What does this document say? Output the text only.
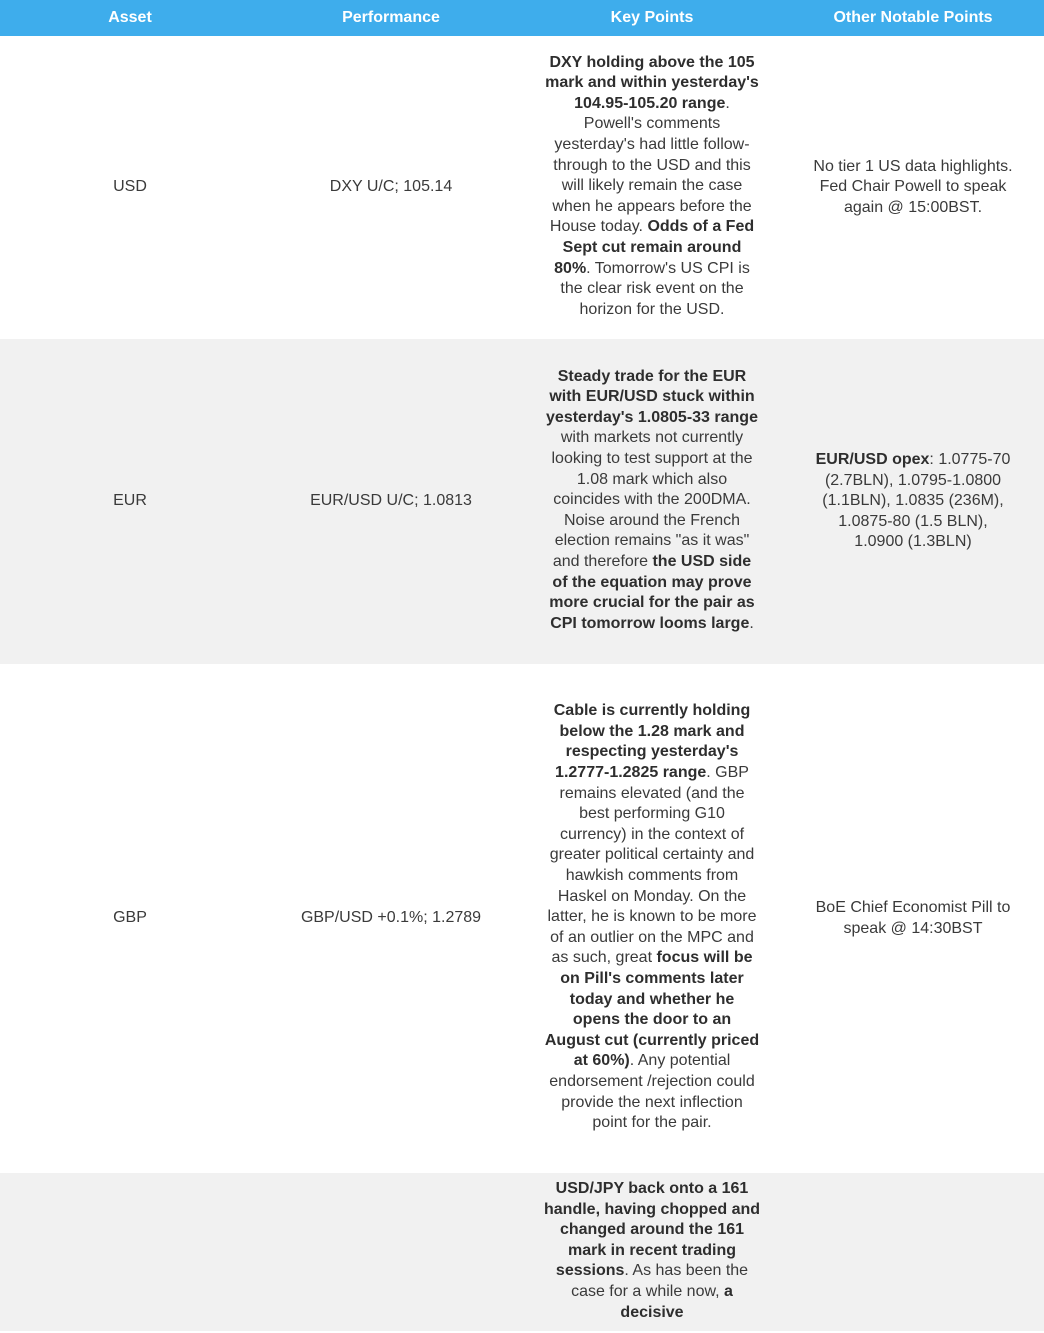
Asset	Performance	Key Points	Other Notable Points
USD	DXY U/C; 105.14	DXY holding above the 105 mark and within yesterday's 104.95-105.20 range. Powell's comments yesterday's had little follow-through to the USD and this will likely remain the case when he appears before the House today. Odds of a Fed Sept cut remain around 80%. Tomorrow's US CPI is the clear risk event on the horizon for the USD.	No tier 1 US data highlights. Fed Chair Powell to speak again @ 15:00BST.

EUR	EUR/USD U/C; 1.0813	Steady trade for the EUR with EUR/USD stuck within yesterday's 1.0805-33 range with markets not currently looking to test support at the 1.08 mark which also coincides with the 200DMA. Noise around the French election remains "as it was" and therefore the USD side of the equation may prove more crucial for the pair as CPI tomorrow looms large.	EUR/USD opex: 1.0775-70 (2.7BLN), 1.0795-1.0800 (1.1BLN), 1.0835 (236M), 1.0875-80 (1.5 BLN), 1.0900 (1.3BLN)

GBP	GBP/USD +0.1%; 1.2789	Cable is currently holding below the 1.28 mark and respecting yesterday's 1.2777-1.2825 range. GBP remains elevated (and the best performing G10 currency) in the context of greater political certainty and hawkish comments from Haskel on Monday. On the latter, he is known to be more of an outlier on the MPC and as such, great focus will be on Pill's comments later today and whether he opens the door to an August cut (currently priced at 60%). Any potential endorsement /rejection could provide the next inflection point for the pair.	BoE Chief Economist Pill to speak @ 14:30BST

		USD/JPY back onto a 161 handle, having chopped and changed around the 161 mark in recent trading sessions. As has been the case for a while now, a decisive	
